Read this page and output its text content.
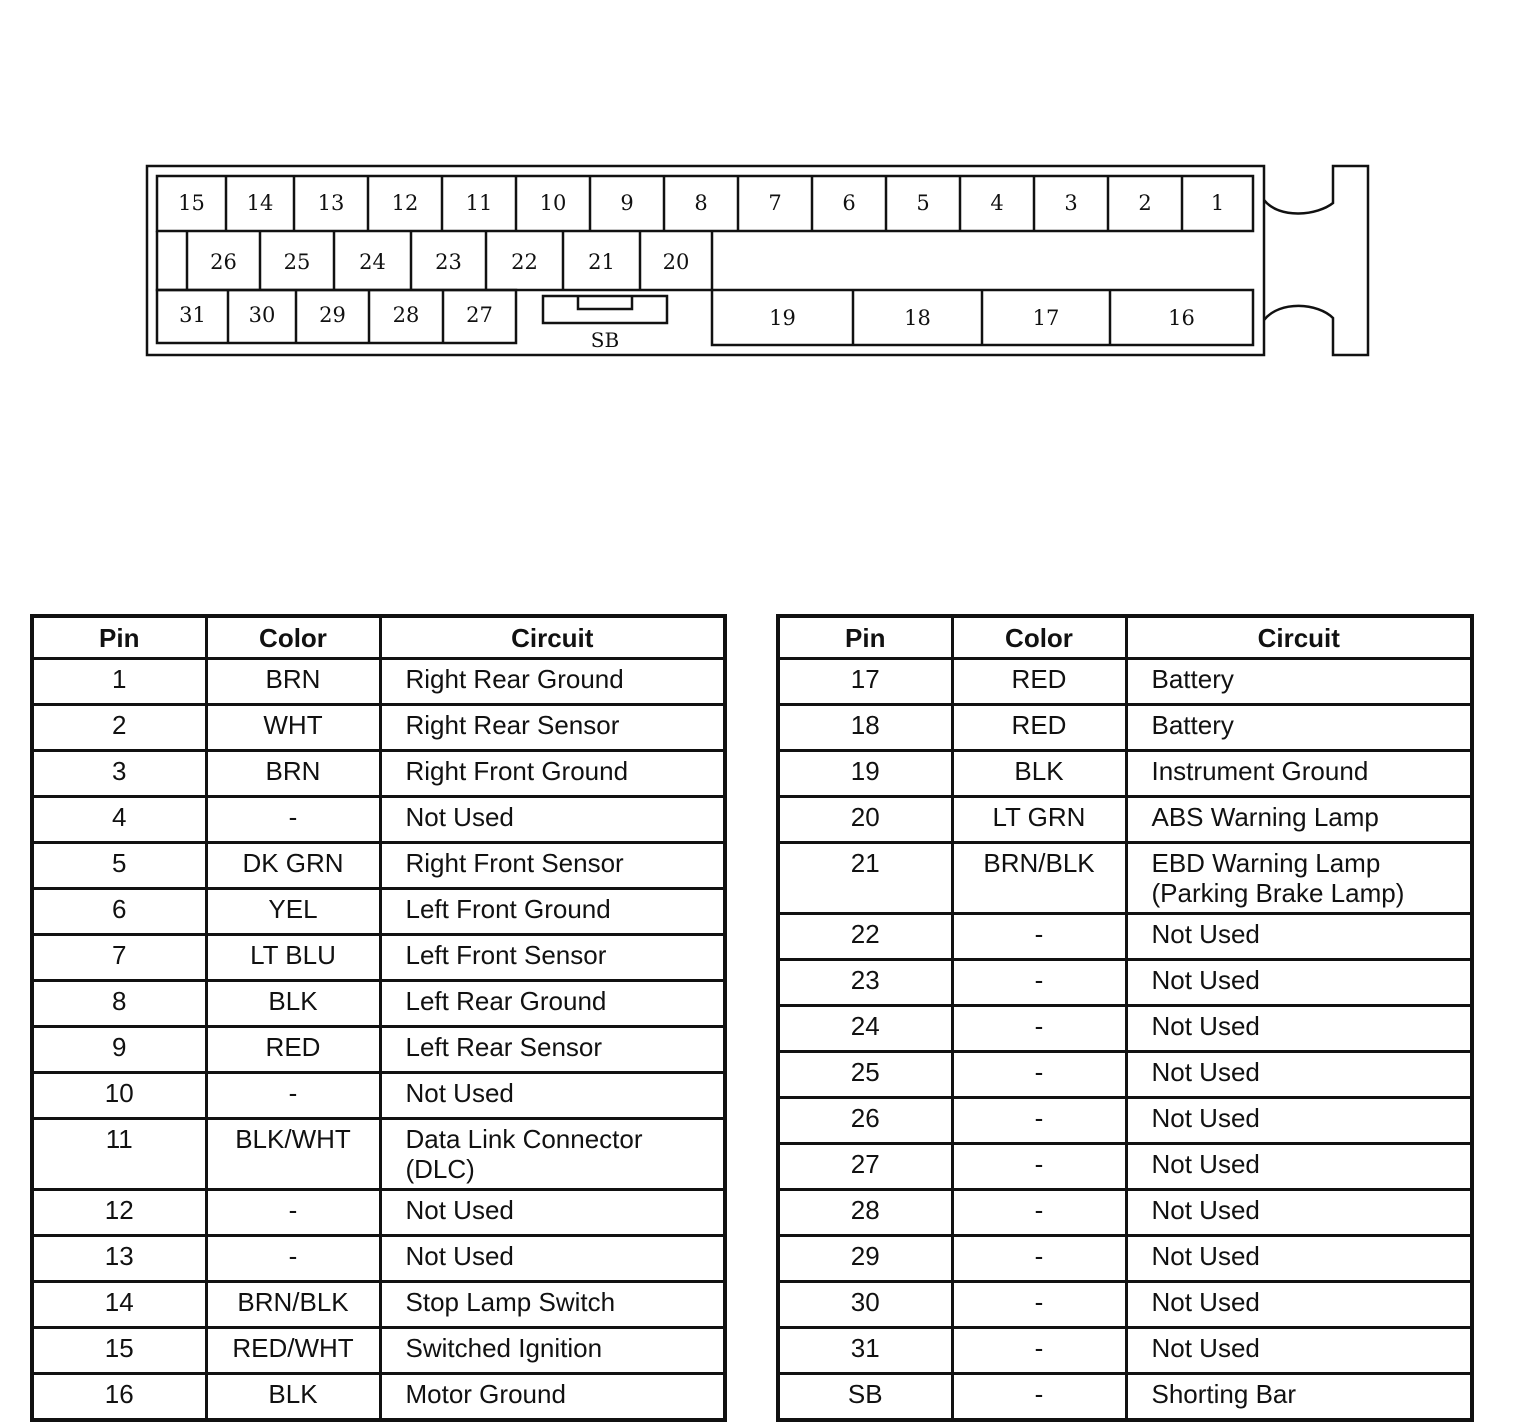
15 14 13 12 11 10	9	8	7	6	5	4	3	2	1
26 25 24 23 22 21 20
31 30 29 28 27	19	18	17	16
SB
Pin	Color	Circuit
1	BRN	Right Rear Ground

2	WHT	Right Rear Sensor

3	BRN	Right Front Ground

4	-	Not Used

5	DK GRN	Right Front Sensor

6	YEL	Left Front Ground

7	LT BLU	Left Front Sensor

8	BLK	Left Rear Ground

9	RED	Left Rear Sensor

10	-	Not Used

11	BLK/WHT	Data Link Connector
(DLC)

12	-	Not Used

13	-	Not Used

14	BRN/BLK	Stop Lamp Switch

15	RED/WHT	Switched Ignition

16	BLK	Motor Ground
Pin	Color	Circuit
17	RED	Battery

18	RED	Battery

19	BLK	Instrument Ground

20	LT GRN	ABS Warning Lamp

21	BRN/BLK	EBD Warning Lamp
(Parking Brake Lamp)

22	-	Not Used

23	-	Not Used

24	-	Not Used

25	-	Not Used

26	-	Not Used

27	-	Not Used

28	-	Not Used

29	-	Not Used

30	-	Not Used

31	-	Not Used

SB	-	Shorting Bar
